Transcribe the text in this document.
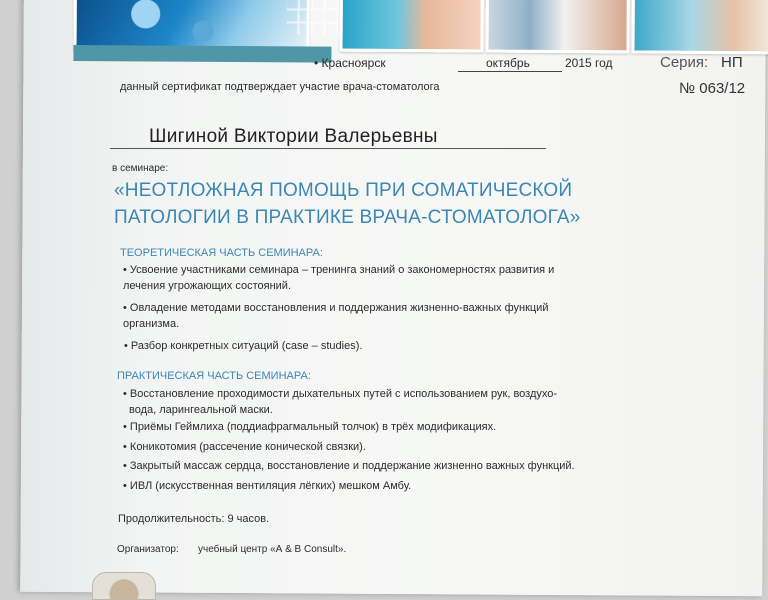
• Красноярск	октябрь	2015 год	Серия: НП
№ 063/12
данный сертификат подтверждает участие врача-стоматолога
Шигиной Виктории Валерьевны
в семинаре:
«НЕОТЛОЖНАЯ ПОМОЩЬ ПРИ СОМАТИЧЕСКОЙ
ПАТОЛОГИИ В ПРАКТИКЕ ВРАЧА-СТОМАТОЛОГА»
ТЕОРЕТИЧЕСКАЯ ЧАСТЬ СЕМИНАРА:
• Усвоение участниками семинара – тренинга знаний о закономерностях развития и
лечения угрожающих состояний.
• Овладение методами восстановления и поддержания жизненно-важных функций
организма.
• Разбор конкретных ситуаций (case – studies).
ПРАКТИЧЕСКАЯ ЧАСТЬ СЕМИНАРА:
• Восстановление проходимости дыхательных путей с использованием рук, воздухо-
вода, ларингеальной маски.
• Приёмы Геймлиха (поддиафрагмальный толчок) в трёх модификациях.
• Коникотомия (рассечение конической связки).
• Закрытый массаж сердца, восстановление и поддержание жизненно важных функций.
• ИВЛ (искусственная вентиляция лёгких) мешком Амбу.
Продолжительность: 9 часов.
Организатор: учебный центр «А & В Consult».
